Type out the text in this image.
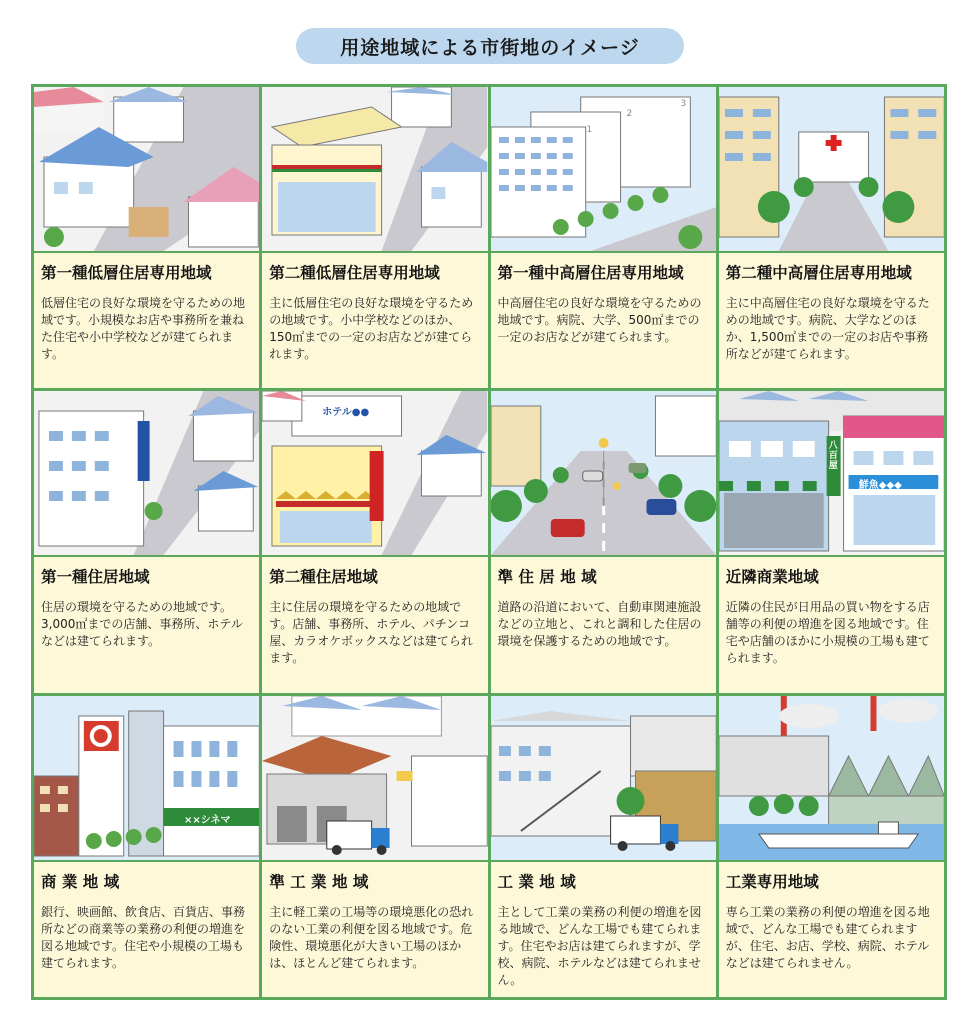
用途地域による市街地のイメージ
第一種低層住居専用地域
低層住宅の良好な環境を守るための地域です。小規模なお店や事務所を兼ねた住宅や小中学校などが建てられます。
第二種低層住居専用地域
主に低層住宅の良好な環境を守るための地域です。小中学校などのほか、150㎡までの一定のお店などが建てられます。
1
2
3
第一種中高層住居専用地域
中高層住宅の良好な環境を守るための地域です。病院、大学、500㎡までの一定のお店などが建てられます。
第二種中高層住居専用地域
主に中高層住宅の良好な環境を守るための地域です。病院、大学などのほか、1,500㎡までの一定のお店や事務所などが建てられます。
第一種住居地域
住居の環境を守るための地域です。3,000㎡までの店舗、事務所、ホテルなどは建てられます。
ホテル●●
第二種住居地域
主に住居の環境を守るための地域です。店舗、事務所、ホテル、パチンコ屋、カラオケボックスなどは建てられます。
準 住 居 地 域
道路の沿道において、自動車関連施設などの立地と、これと調和した住居の環境を保護するための地域です。
八百屋
鮮魚◆◆◆
近隣商業地域
近隣の住民が日用品の買い物をする店舗等の利便の増進を図る地域です。住宅や店舗のほかに小規模の工場も建てられます。
××シネマ
商 業 地 域
銀行、映画館、飲食店、百貨店、事務所などの商業等の業務の利便の増進を図る地域です。住宅や小規模の工場も建てられます。
準 工 業 地 域
主に軽工業の工場等の環境悪化の恐れのない工業の利便を図る地域です。危険性、環境悪化が大きい工場のほかは、ほとんど建てられます。
工 業 地 域
主として工業の業務の利便の増進を図る地域で、どんな工場でも建てられます。住宅やお店は建てられますが、学校、病院、ホテルなどは建てられません。
工業専用地域
専ら工業の業務の利便の増進を図る地域で、どんな工場でも建てられますが、住宅、お店、学校、病院、ホテルなどは建てられません。
